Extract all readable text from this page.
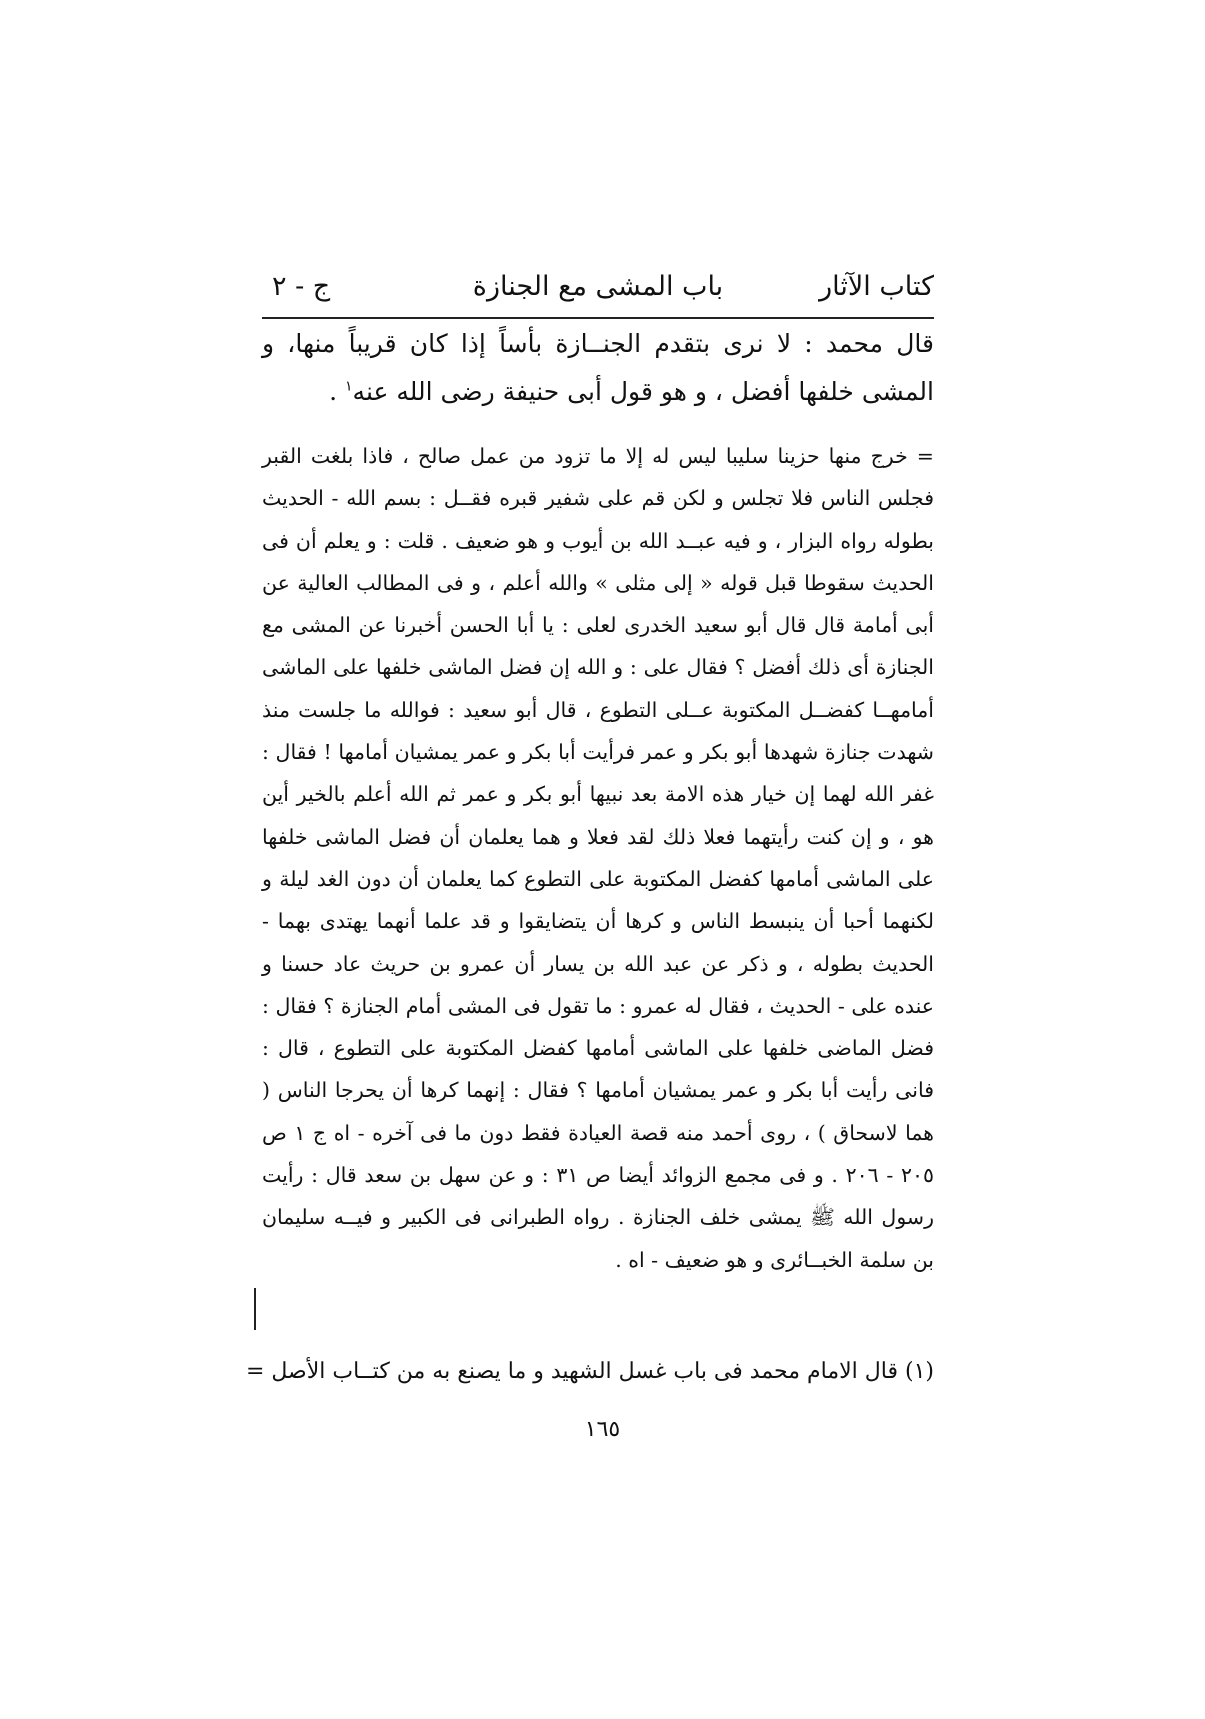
كتاب الآثار
باب المشى مع الجنازة
ج - ٢
قال محمد : لا نرى بتقدم الجنــازة بأساً إذا كان قريباً منها، و المشى خلفها أفضل ، و هو قول أبى حنيفة رضى الله عنه$^١$ .
= خرج منها حزينا سليبا ليس له إلا ما تزود من عمل صالح ، فاذا بلغت القبر فجلس الناس فلا تجلس و لكن قم على شفير قبره فقــل : بسم الله - الحديث بطوله رواه البزار ، و فيه عبــد الله بن أيوب و هو ضعيف . قلت : و يعلم أن فى الحديث سقوطا قبل قوله « إلى مثلى » والله أعلم ، و فى المطالب العالية عن أبى أمامة قال قال أبو سعيد الخدرى لعلى : يا أبا الحسن أخبرنا عن المشى مع الجنازة أى ذلك أفضل ؟ فقال على : و الله إن فضل الماشى خلفها على الماشى أمامهــا كفضــل المكتوبة عــلى التطوع ، قال أبو سعيد : فوالله ما جلست منذ شهدت جنازة شهدها أبو بكر و عمر فرأيت أبا بكر و عمر يمشيان أمامها ! فقال : غفر الله لهما إن خيار هذه الامة بعد نبيها أبو بكر و عمر ثم الله أعلم بالخير أين هو ، و إن كنت رأيتهما فعلا ذلك لقد فعلا و هما يعلمان أن فضل الماشى خلفها على الماشى أمامها كفضل المكتوبة على التطوع كما يعلمان أن دون الغد ليلة و لكنهما أحبا أن ينبسط الناس و كرها أن يتضايقوا و قد علما أنهما يهتدى بهما - الحديث بطوله ، و ذكر عن عبد الله بن يسار أن عمرو بن حريث عاد حسنا و عنده على - الحديث ، فقال له عمرو : ما تقول فى المشى أمام الجنازة ؟ فقال : فضل الماضى خلفها على الماشى أمامها كفضل المكتوبة على التطوع ، قال : فانى رأيت أبا بكر و عمر يمشيان أمامها ؟ فقال : إنهما كرها أن يحرجا الناس ( هما لاسحاق ) ، روى أحمد منه قصة العيادة فقط دون ما فى آخره - اه ج ١ ص ٢٠٥ - ٢٠٦ . و فى مجمع الزوائد أيضا ص ٣١ : و عن سهل بن سعد قال : رأيت رسول الله ﷺ يمشى خلف الجنازة . رواه الطبرانى فى الكبير و فيــه سليمان بن سلمة الخبــائرى و هو ضعيف - اه .
(١) قال الامام محمد فى باب غسل الشهيد و ما يصنع به من كتــاب الأصل =
١٦٥
